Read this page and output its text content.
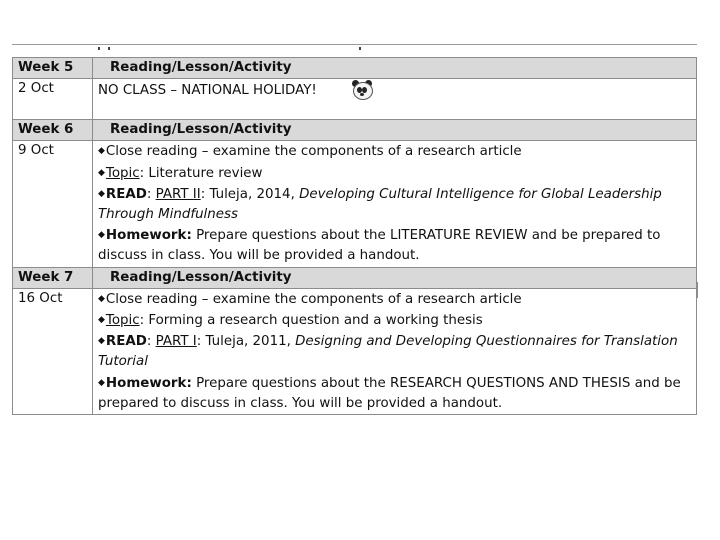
Week 5	Reading/Lesson/Activity
2 Oct	NO CLASS – NATIONAL HOLIDAY!

Week 6	Reading/Lesson/Activity
9 Oct	◆Close reading – examine the components of a research article
◆Topic: Literature review
◆READ: PART II: Tuleja, 2014, Developing Cultural Intelligence for Global Leadership Through Mindfulness
◆Homework: Prepare questions about the LITERATURE REVIEW and be prepared to discuss in class. You will be provided a handout.

Week 7	Reading/Lesson/Activity
16 Oct	◆Close reading – examine the components of a research article
◆Topic: Forming a research question and a working thesis
◆READ: PART I: Tuleja, 2011, Designing and Developing Questionnaires for Translation Tutorial
◆Homework: Prepare questions about the RESEARCH QUESTIONS AND THESIS and be prepared to discuss in class. You will be provided a handout.
